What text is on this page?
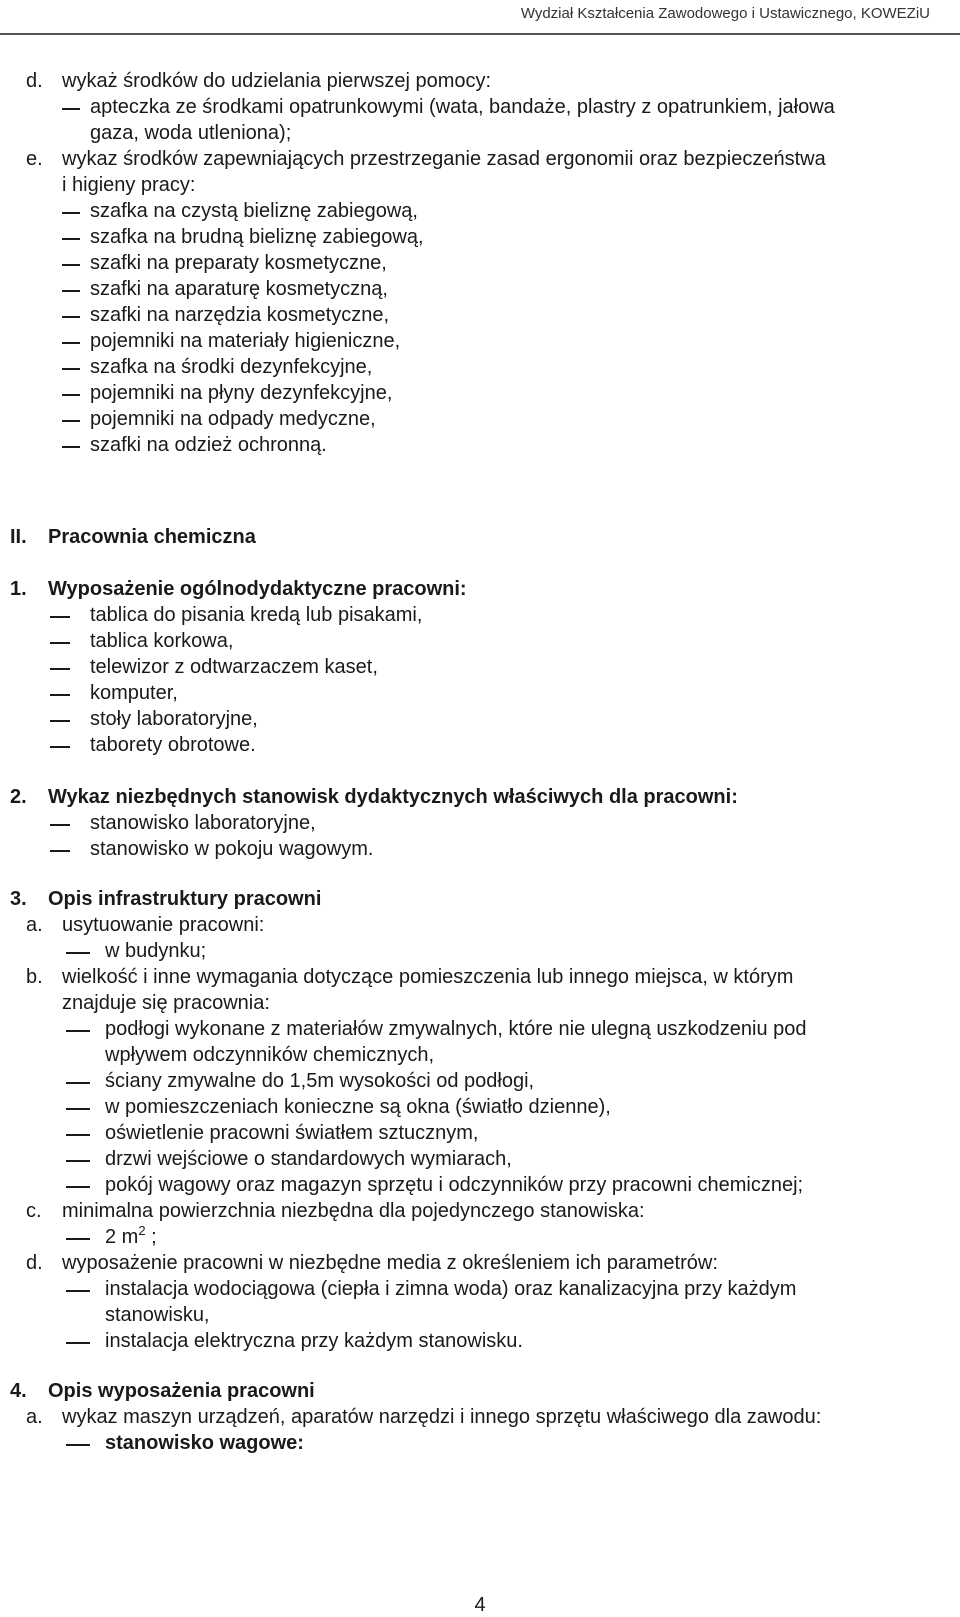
Wydział Kształcenia Zawodowego i Ustawicznego, KOWEZiU
d. wykaż środków do udzielania pierwszej pomocy:
apteczka ze środkami opatrunkowymi (wata, bandaże, plastry z opatrunkiem, jałowa
gaza, woda utleniona);
e. wykaz środków zapewniających przestrzeganie zasad ergonomii oraz bezpieczeństwa
i higieny pracy:
szafka na czystą bieliznę zabiegową,
szafka na brudną bieliznę zabiegową,
szafki na preparaty kosmetyczne,
szafki na aparaturę kosmetyczną,
szafki na narzędzia kosmetyczne,
pojemniki na materiały higieniczne,
szafka na środki dezynfekcyjne,
pojemniki na płyny dezynfekcyjne,
pojemniki na odpady medyczne,
szafki na odzież ochronną.
II. Pracownia chemiczna
1. Wyposażenie ogólnodydaktyczne pracowni:
tablica do pisania kredą lub pisakami,
tablica korkowa,
telewizor z odtwarzaczem kaset,
komputer,
stoły laboratoryjne,
taborety obrotowe.
2. Wykaz niezbędnych stanowisk dydaktycznych właściwych dla pracowni:
stanowisko laboratoryjne,
stanowisko w pokoju wagowym.
3. Opis infrastruktury pracowni
a. usytuowanie pracowni:
w budynku;
b. wielkość i inne wymagania dotyczące pomieszczenia lub innego miejsca, w którym
znajduje się pracownia:
podłogi wykonane z materiałów zmywalnych, które nie ulegną uszkodzeniu pod
wpływem odczynników chemicznych,
ściany zmywalne do 1,5m wysokości od podłogi,
w pomieszczeniach konieczne są okna (światło dzienne),
oświetlenie pracowni światłem sztucznym,
drzwi wejściowe o standardowych wymiarach,
pokój wagowy oraz magazyn sprzętu i odczynników przy pracowni chemicznej;
c. minimalna powierzchnia niezbędna dla pojedynczego stanowiska:
2 $m^2$ ;
d. wyposażenie pracowni w niezbędne media z określeniem ich parametrów:
instalacja wodociągowa (ciepła i zimna woda) oraz kanalizacyjna przy każdym
stanowisku,
instalacja elektryczna przy każdym stanowisku.
4. Opis wyposażenia pracowni
a. wykaz maszyn urządzeń, aparatów narzędzi i innego sprzętu właściwego dla zawodu:
stanowisko wagowe:
4
